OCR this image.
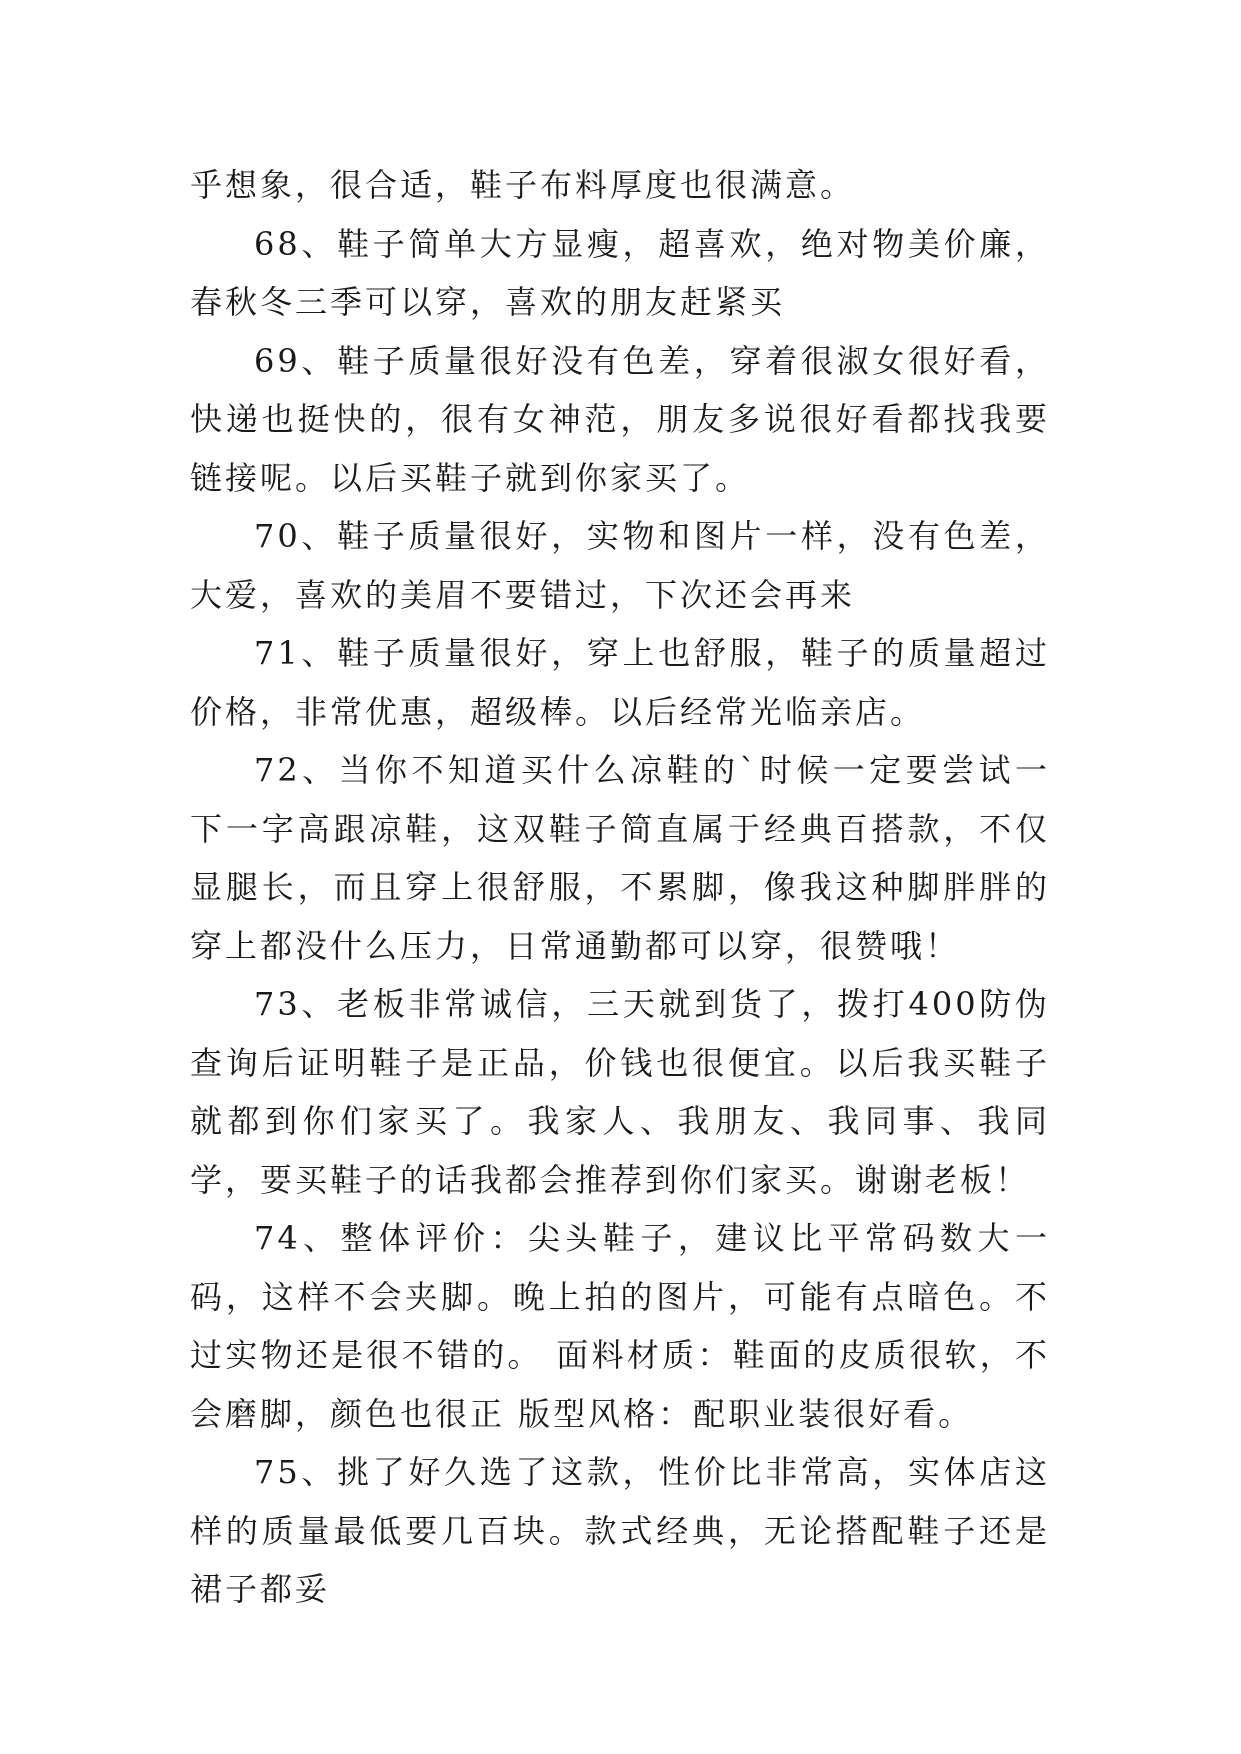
乎想象，很合适，鞋子布料厚度也很满意。

68、鞋子简单大方显瘦，超喜欢，绝对物美价廉，春秋冬三季可以穿，喜欢的朋友赶紧买

69、鞋子质量很好没有色差，穿着很淑女很好看，快递也挺快的，很有女神范，朋友多说很好看都找我要链接呢。以后买鞋子就到你家买了。

70、鞋子质量很好，实物和图片一样，没有色差，大爱，喜欢的美眉不要错过，下次还会再来

71、鞋子质量很好，穿上也舒服，鞋子的质量超过价格，非常优惠，超级棒。以后经常光临亲店。

72、当你不知道买什么凉鞋的`时候一定要尝试一下一字高跟凉鞋，这双鞋子简直属于经典百搭款，不仅显腿长，而且穿上很舒服，不累脚，像我这种脚胖胖的穿上都没什么压力，日常通勤都可以穿，很赞哦！

73、老板非常诚信，三天就到货了，拨打400防伪查询后证明鞋子是正品，价钱也很便宜。以后我买鞋子就都到你们家买了。我家人、我朋友、我同事、我同学，要买鞋子的话我都会推荐到你们家买。谢谢老板！

74、整体评价：尖头鞋子，建议比平常码数大一码，这样不会夹脚。晚上拍的图片，可能有点暗色。不过实物还是很不错的。 面料材质：鞋面的皮质很软，不会磨脚，颜色也很正 版型风格：配职业装很好看。

75、挑了好久选了这款，性价比非常高，实体店这样的质量最低要几百块。款式经典，无论搭配鞋子还是裙子都妥
